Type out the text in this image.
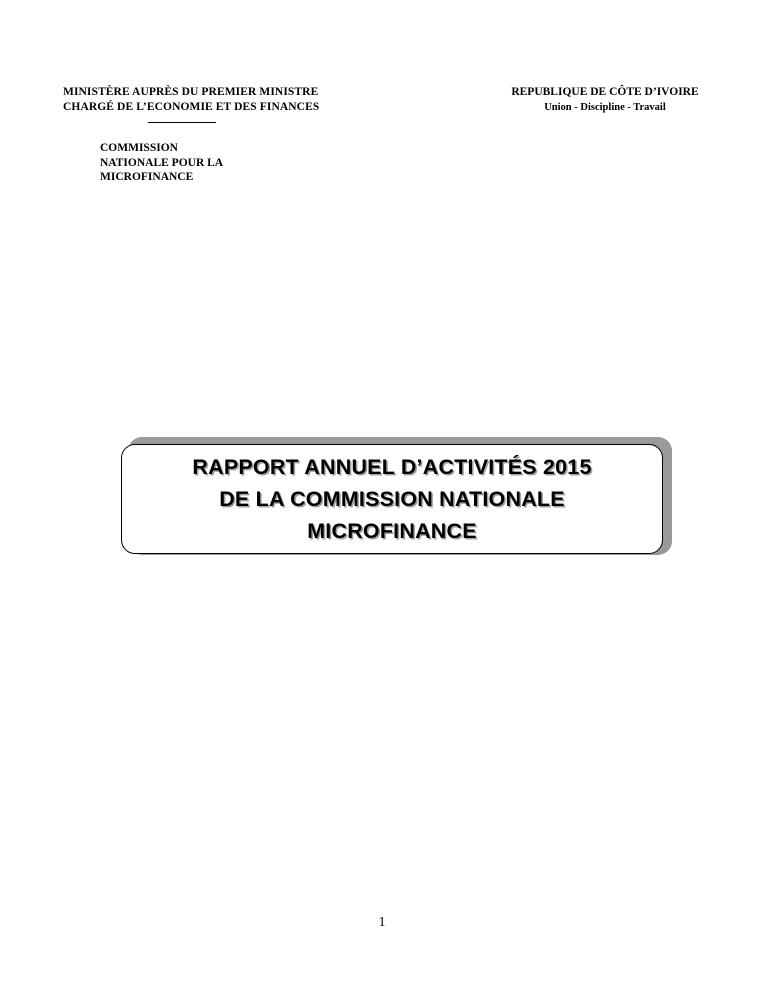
MINISTÈRE AUPRÈS DU PREMIER MINISTRE
CHARGÉ DE L’ECONOMIE ET DES FINANCES
REPUBLIQUE DE CÔTE D’IVOIRE
Union - Discipline - Travail
COMMISSION
NATIONALE POUR LA
MICROFINANCE
RAPPORT ANNUEL D’ACTIVITÉS 2015
DE LA COMMISSION NATIONALE
MICROFINANCE
1
